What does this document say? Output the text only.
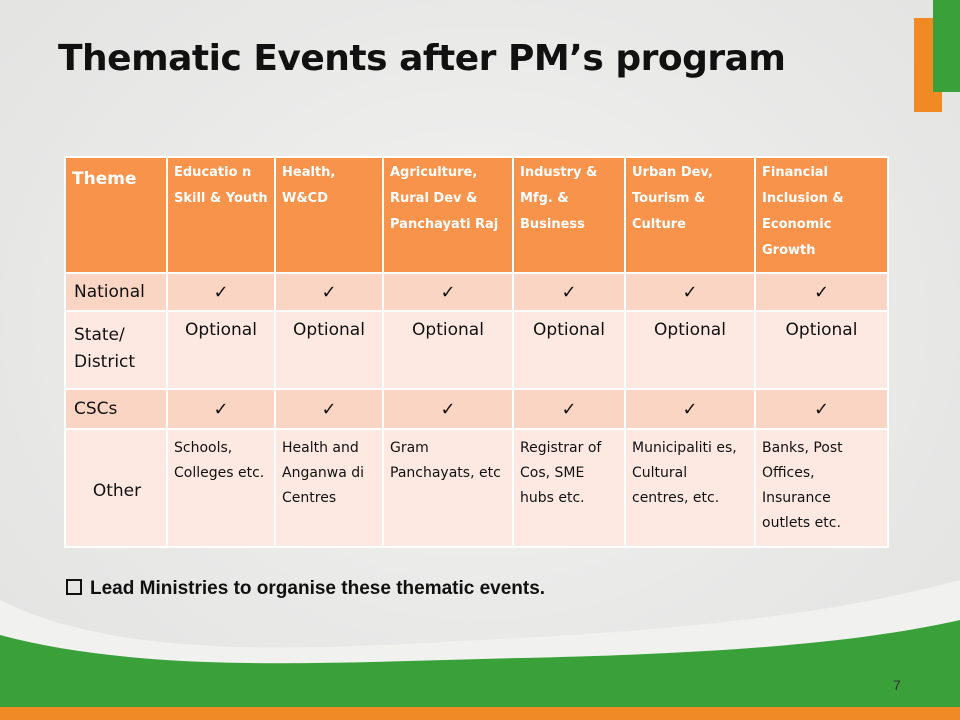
Thematic Events after PM’s program
Theme	Educatio n Skill & Youth	Health, W&CD	Agriculture, Rural Dev & Panchayati Raj	Industry & Mfg. & Business	Urban Dev, Tourism & Culture	Financial Inclusion & Economic Growth
National	✓	✓	✓	✓	✓	✓
State/ District	Optional	Optional	Optional	Optional	Optional	Optional
CSCs	✓	✓	✓	✓	✓	✓
Other	Schools, Colleges etc.	Health and Anganwa di Centres	Gram Panchayats, etc	Registrar of Cos, SME hubs etc.	Municipaliti es, Cultural centres, etc.	Banks, Post Offices, Insurance outlets etc.
Lead Ministries to organise these thematic events.
7
